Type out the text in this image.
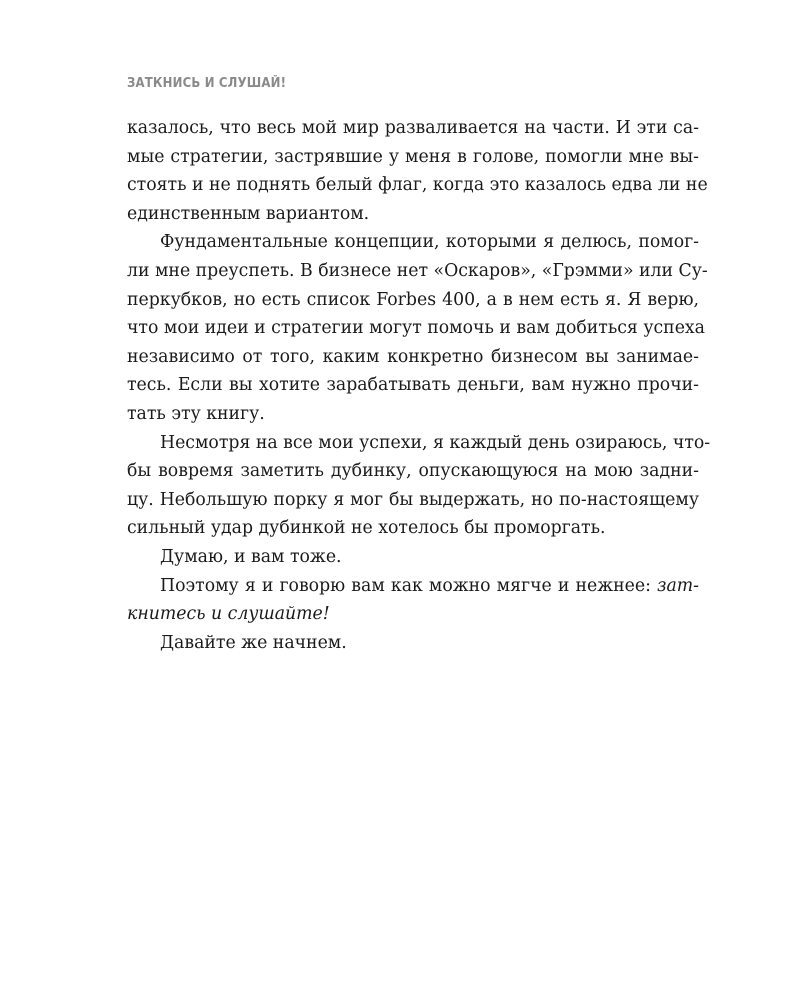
ЗАТКНИСЬ И СЛУШАЙ!
казалось, что весь мой мир разваливается на части. И эти са-
мые стратегии, застрявшие у меня в голове, помогли мне вы-
стоять и не поднять белый флаг, когда это казалось едва ли не
единственным вариантом.
Фундаментальные концепции, которыми я делюсь, помог-
ли мне преуспеть. В бизнесе нет «Оскаров», «Грэмми» или Су-
перкубков, но есть список Forbes 400, а в нем есть я. Я верю,
что мои идеи и стратегии могут помочь и вам добиться успеха
независимо от того, каким конкретно бизнесом вы занимае-
тесь. Если вы хотите зарабатывать деньги, вам нужно прочи-
тать эту книгу.
Несмотря на все мои успехи, я каждый день озираюсь, что-
бы вовремя заметить дубинку, опускающуюся на мою задни-
цу. Небольшую порку я мог бы выдержать, но по-настоящему
сильный удар дубинкой не хотелось бы проморгать.
Думаю, и вам тоже.
Поэтому я и говорю вам как можно мягче и нежнее: зат-
книтесь и слушайте!
Давайте же начнем.
